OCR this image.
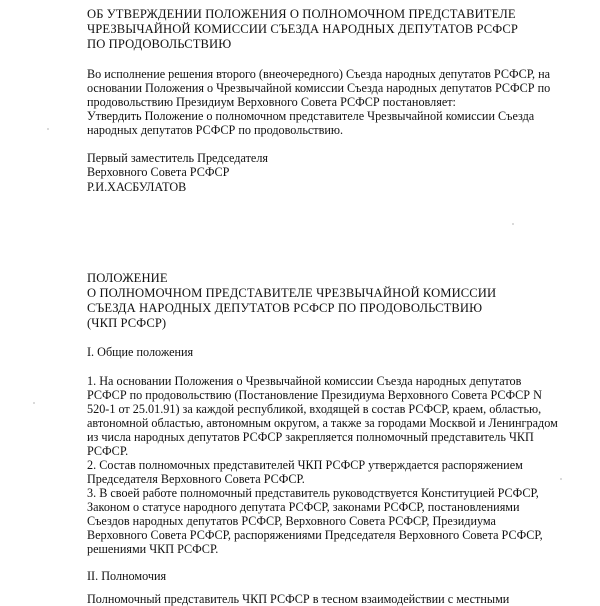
ОБ УТВЕРЖДЕНИИ ПОЛОЖЕНИЯ О ПОЛНОМОЧНОМ ПРЕДСТАВИТЕЛЕ
ЧРЕЗВЫЧАЙНОЙ КОМИССИИ СЪЕЗДА НАРОДНЫХ ДЕПУТАТОВ РСФСР
ПО ПРОДОВОЛЬСТВИЮ
Во исполнение решения второго (внеочередного) Съезда народных депутатов РСФСР, на
основании Положения о Чрезвычайной комиссии Съезда народных депутатов РСФСР по
продовольствию Президиум Верховного Совета РСФСР постановляет:
Утвердить Положение о полномочном представителе Чрезвычайной комиссии Съезда
народных депутатов РСФСР по продовольствию.
Первый заместитель Председателя
Верховного Совета РСФСР
Р.И.ХАСБУЛАТОВ
ПОЛОЖЕНИЕ
О ПОЛНОМОЧНОМ ПРЕДСТАВИТЕЛЕ ЧРЕЗВЫЧАЙНОЙ КОМИССИИ
СЪЕЗДА НАРОДНЫХ ДЕПУТАТОВ РСФСР ПО ПРОДОВОЛЬСТВИЮ
(ЧКП РСФСР)
I. Общие положения
1. На основании Положения о Чрезвычайной комиссии Съезда народных депутатов
РСФСР по продовольствию (Постановление Президиума Верховного Совета РСФСР N
520-1 от 25.01.91) за каждой республикой, входящей в состав РСФСР, краем, областью,
автономной областью, автономным округом, а также за городами Москвой и Ленинградом
из числа народных депутатов РСФСР закрепляется полномочный представитель ЧКП
РСФСР.
2. Состав полномочных представителей ЧКП РСФСР утверждается распоряжением
Председателя Верховного Совета РСФСР.
3. В своей работе полномочный представитель руководствуется Конституцией РСФСР,
Законом о статусе народного депутата РСФСР, законами РСФСР, постановлениями
Съездов народных депутатов РСФСР, Верховного Совета РСФСР, Президиума
Верховного Совета РСФСР, распоряжениями Председателя Верховного Совета РСФСР,
решениями ЧКП РСФСР.
II. Полномочия
Полномочный представитель ЧКП РСФСР в тесном взаимодействии с местными
